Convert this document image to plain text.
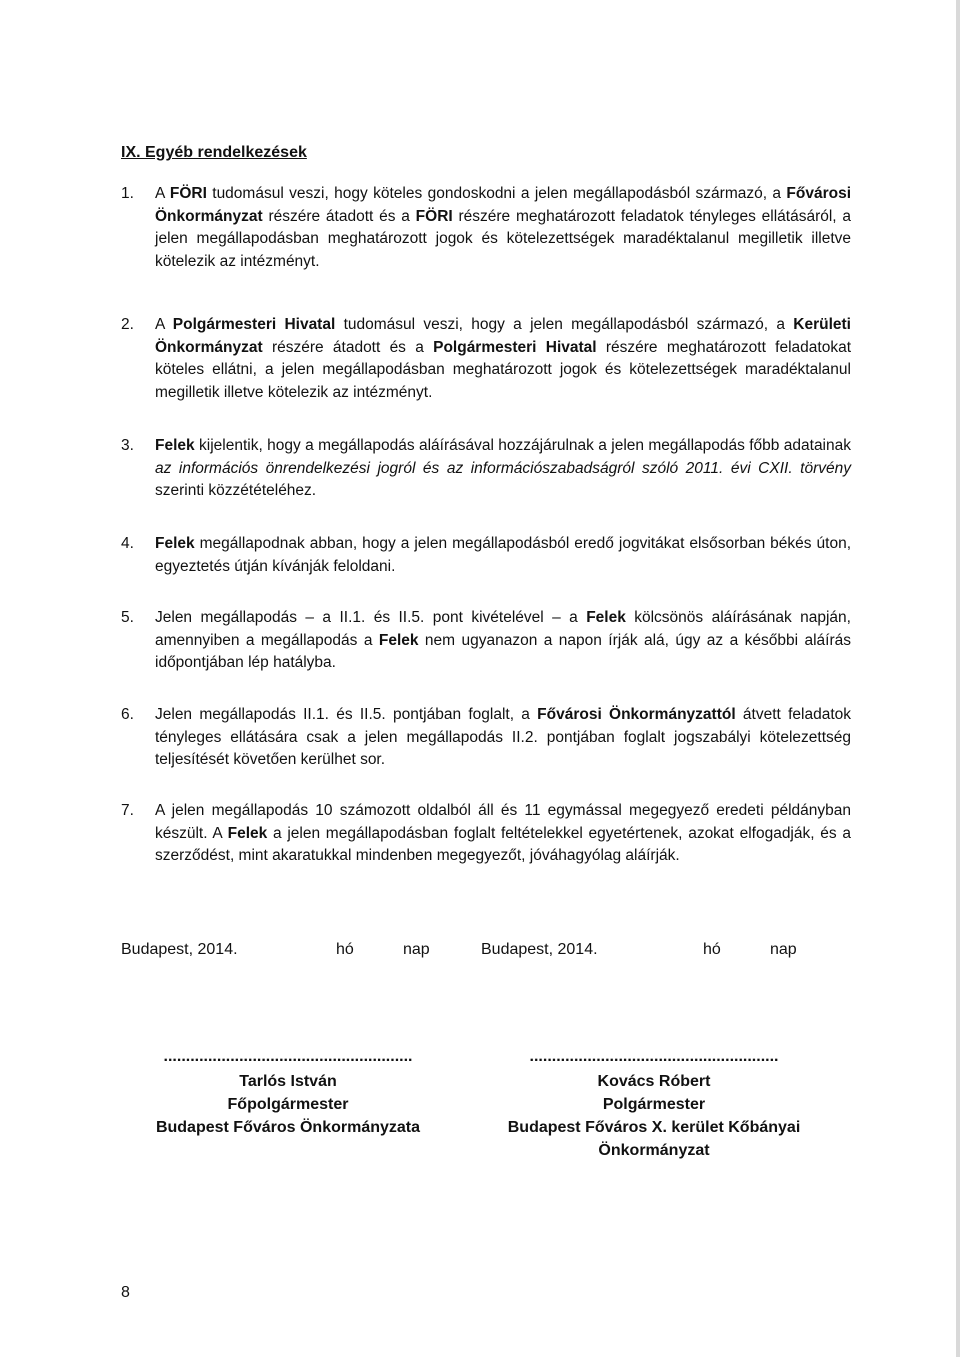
IX. Egyéb rendelkezések
1.	A FÖRI tudomásul veszi, hogy köteles gondoskodni a jelen megállapodásból származó, a Fővárosi Önkormányzat részére átadott és a FÖRI részére meghatározott feladatok tényleges ellátásáról, a jelen megállapodásban meghatározott jogok és kötelezettségek maradéktalanul megilletik illetve kötelezik az intézményt.
2.	A Polgármesteri Hivatal tudomásul veszi, hogy a jelen megállapodásból származó, a Kerületi Önkormányzat részére átadott és a Polgármesteri Hivatal részére meghatározott feladatokat köteles ellátni, a jelen megállapodásban meghatározott jogok és kötelezettségek maradéktalanul megilletik illetve kötelezik az intézményt.
3.	Felek kijelentik, hogy a megállapodás aláírásával hozzájárulnak a jelen megállapodás főbb adatainak az információs önrendelkezési jogról és az információszabadságról szóló 2011. évi CXII. törvény szerinti közzétételéhez.
4.	Felek megállapodnak abban, hogy a jelen megállapodásból eredő jogvitákat elsősorban békés úton, egyeztetés útján kívánják feloldani.
5.	Jelen megállapodás – a II.1. és II.5. pont kivételével – a Felek kölcsönös aláírásának napján, amennyiben a megállapodás a Felek nem ugyanazon a napon írják alá, úgy az a későbbi aláírás időpontjában lép hatályba.
6.	Jelen megállapodás II.1. és II.5. pontjában foglalt, a Fővárosi Önkormányzattól átvett feladatok tényleges ellátására csak a jelen megállapodás II.2. pontjában foglalt jogszabályi kötelezettség teljesítését követően kerülhet sor.
7.	A jelen megállapodás 10 számozott oldalból áll és 11 egymással megegyező eredeti példányban készült. A Felek a jelen megállapodásban foglalt feltételekkel egyetértenek, azokat elfogadják, és a szerződést, mint akaratukkal mindenben megegyezőt, jóváhagyólag aláírják.
Budapest, 2014.	hó	nap	Budapest, 2014.	hó	nap
........................................................
Tarlós István
Főpolgármester
Budapest Főváros Önkormányzata
........................................................
Kovács Róbert
Polgármester
Budapest Főváros X. kerület Kőbányai Önkormányzat
8
